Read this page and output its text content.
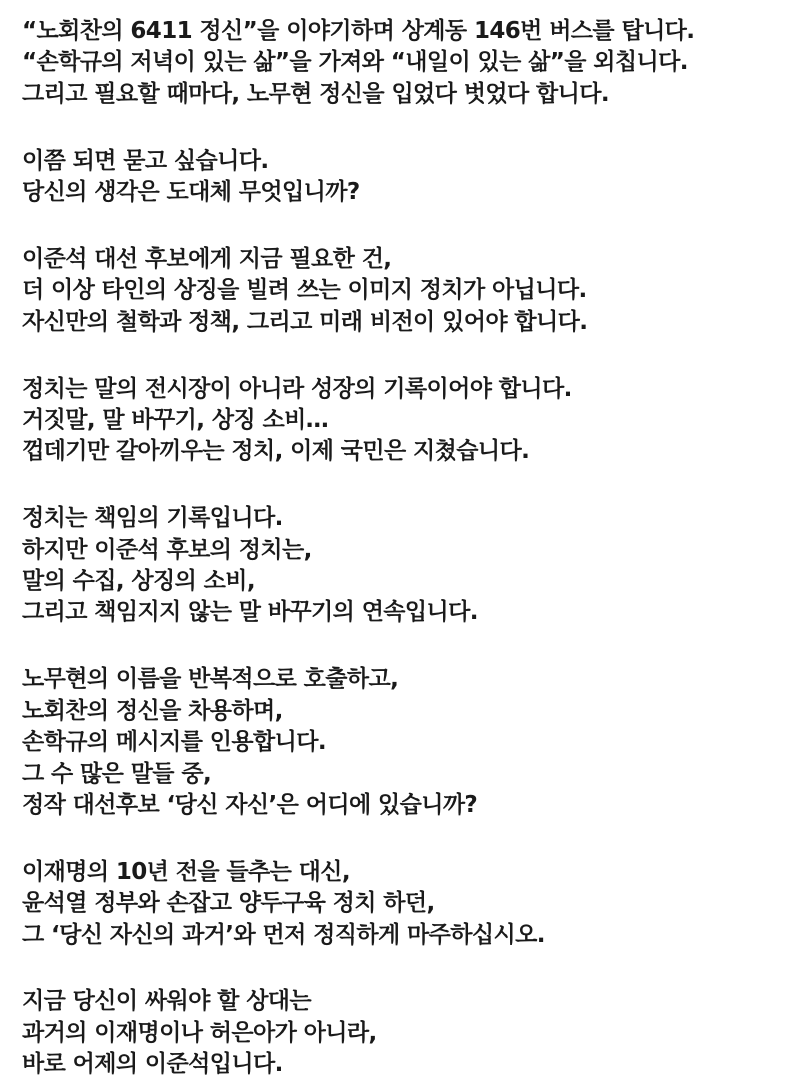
“노회찬의 6411 정신”을 이야기하며 상계동 146번 버스를 탑니다.
“손학규의 저녁이 있는 삶”을 가져와 “내일이 있는 삶”을 외칩니다.
그리고 필요할 때마다, 노무현 정신을 입었다 벗었다 합니다.
이쯤 되면 묻고 싶습니다.
당신의 생각은 도대체 무엇입니까?
이준석 대선 후보에게 지금 필요한 건,
더 이상 타인의 상징을 빌려 쓰는 이미지 정치가 아닙니다.
자신만의 철학과 정책, 그리고 미래 비전이 있어야 합니다.
정치는 말의 전시장이 아니라 성장의 기록이어야 합니다.
거짓말, 말 바꾸기, 상징 소비…
껍데기만 갈아끼우는 정치, 이제 국민은 지쳤습니다.
정치는 책임의 기록입니다.
하지만 이준석 후보의 정치는,
말의 수집, 상징의 소비,
그리고 책임지지 않는 말 바꾸기의 연속입니다.
노무현의 이름을 반복적으로 호출하고,
노회찬의 정신을 차용하며,
손학규의 메시지를 인용합니다.
그 수 많은 말들 중,
정작 대선후보 ‘당신 자신’은 어디에 있습니까?
이재명의 10년 전을 들추는 대신,
윤석열 정부와 손잡고 양두구육 정치 하던,
그 ‘당신 자신의 과거’와 먼저 정직하게 마주하십시오.
지금 당신이 싸워야 할 상대는
과거의 이재명이나 허은아가 아니라,
바로 어제의 이준석입니다.
